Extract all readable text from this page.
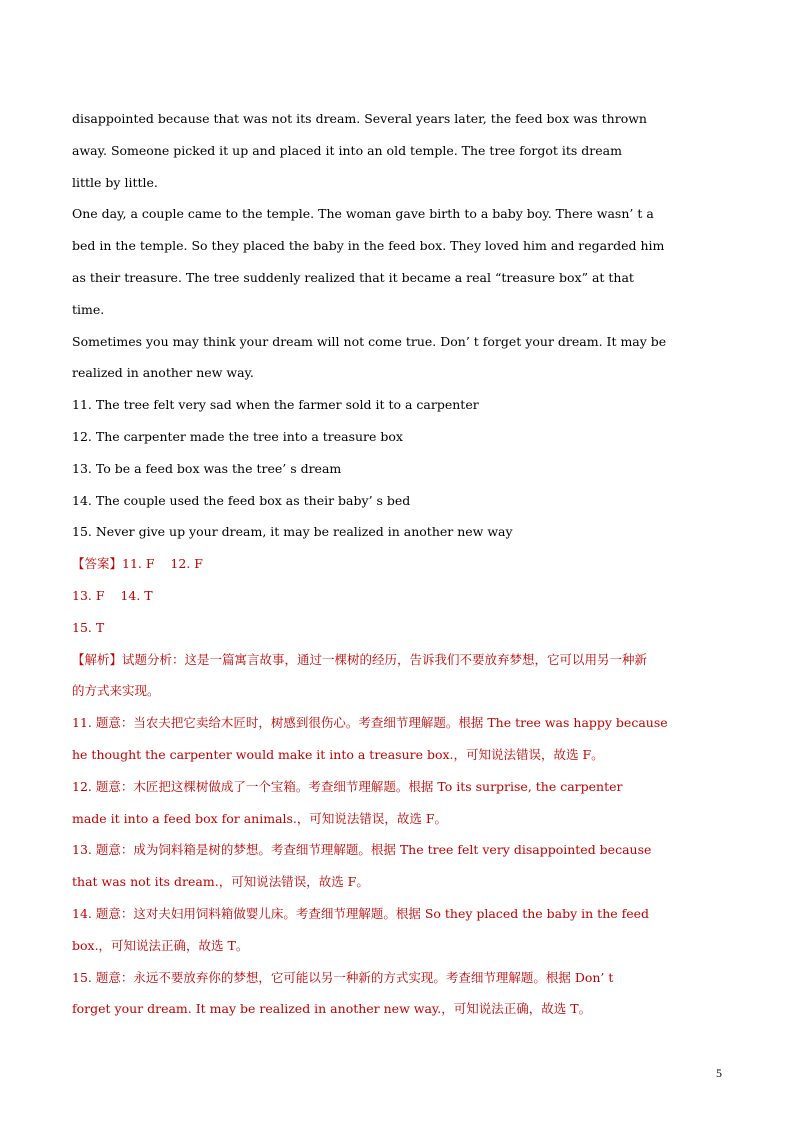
disappointed because that was not its dream. Several years later, the feed box was thrown
away. Someone picked it up and placed it into an old temple. The tree forgot its dream
little by little.
One day, a couple came to the temple. The woman gave birth to a baby boy. There wasn’ t a
bed in the temple. So they placed the baby in the feed box. They loved him and regarded him
as their treasure. The tree suddenly realized that it became a real “treasure box” at that
time.
Sometimes you may think your dream will not come true. Don’ t forget your dream. It may be
realized in another new way.
11. The tree felt very sad when the farmer sold it to a carpenter
12. The carpenter made the tree into a treasure box
13. To be a feed box was the tree’ s dream
14. The couple used the feed box as their baby’ s bed
15. Never give up your dream, it may be realized in another new way
【答案】11. F    12. F
13. F    14. T
15. T
【解析】试题分析：这是一篇寓言故事，通过一棵树的经历，告诉我们不要放弃梦想，它可以用另一种新
的方式来实现。
11. 题意：当农夫把它卖给木匠时，树感到很伤心。考查细节理解题。根据 The tree was happy because
he thought the carpenter would make it into a treasure box.，可知说法错误，故选 F。
12. 题意：木匠把这棵树做成了一个宝箱。考查细节理解题。根据 To its surprise, the carpenter
made it into a feed box for animals.，可知说法错误，故选 F。
13. 题意：成为饲料箱是树的梦想。考查细节理解题。根据 The tree felt very disappointed because
that was not its dream.，可知说法错误，故选 F。
14. 题意：这对夫妇用饲料箱做婴儿床。考查细节理解题。根据 So they placed the baby in the feed
box.，可知说法正确，故选 T。
15. 题意：永远不要放弃你的梦想，它可能以另一种新的方式实现。考查细节理解题。根据 Don’ t
forget your dream. It may be realized in another new way.，可知说法正确，故选 T。
5
